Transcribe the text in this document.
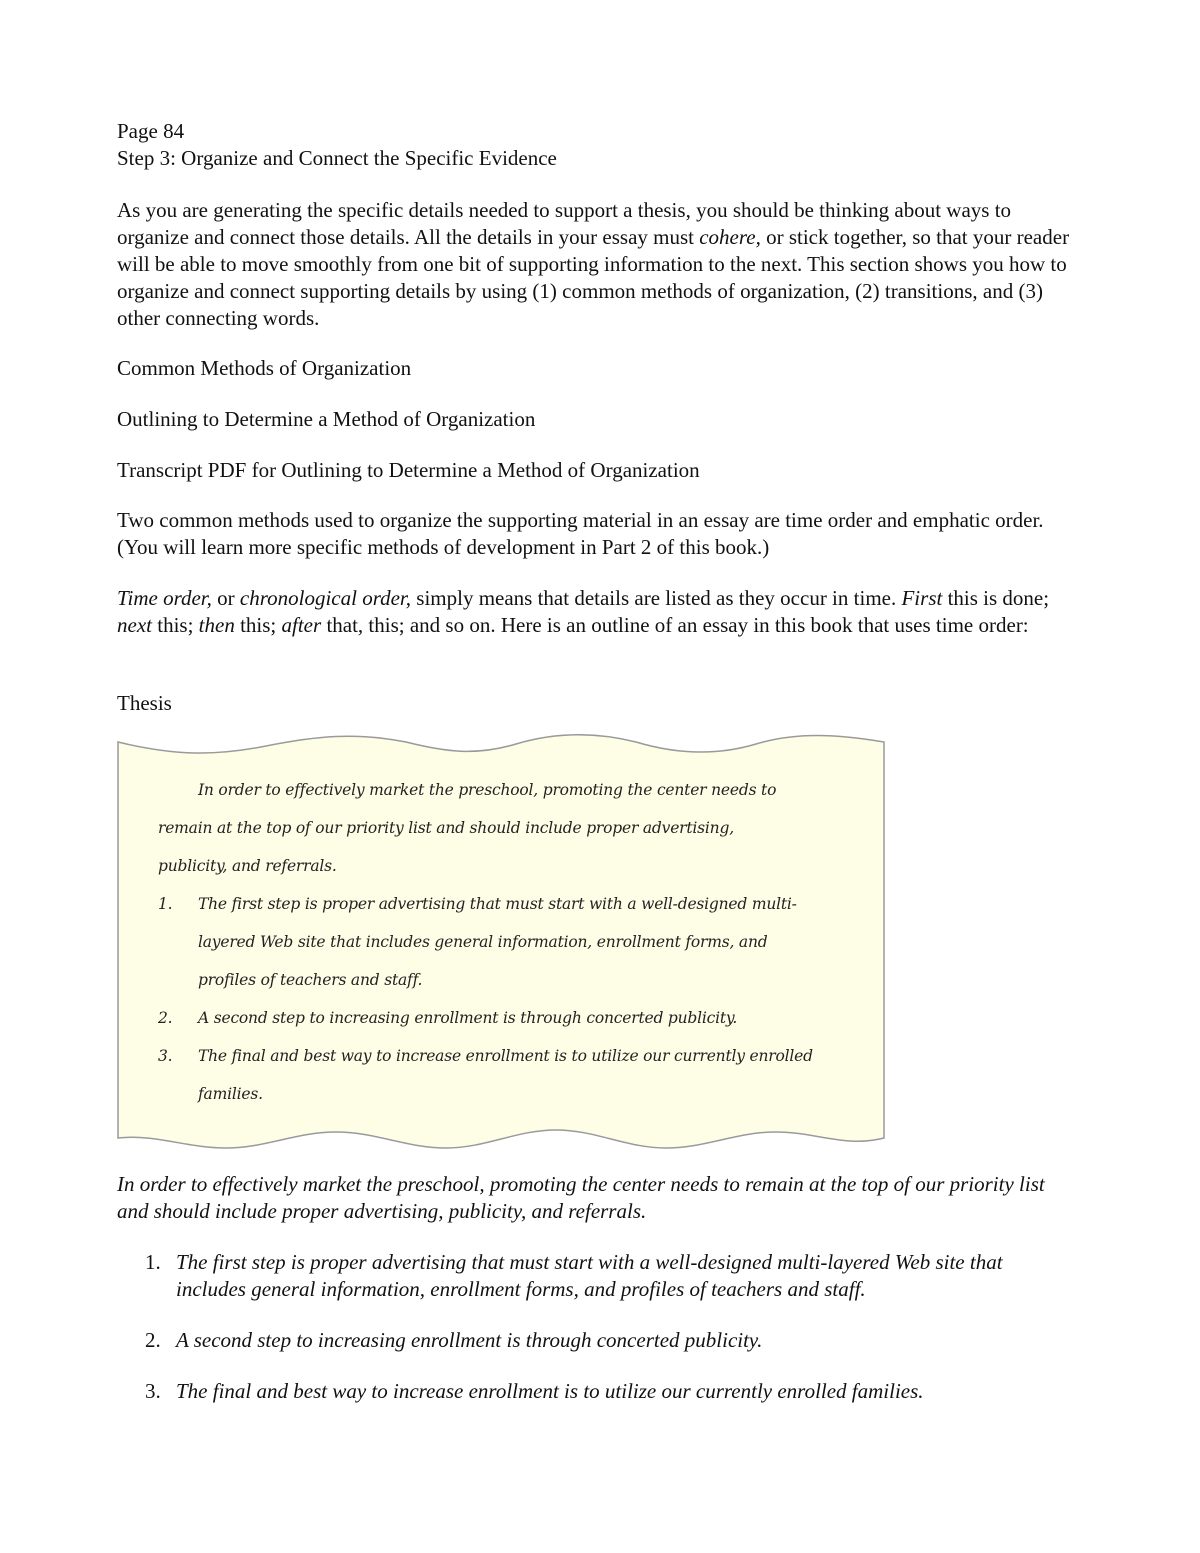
Page 84
Step 3: Organize and Connect the Specific Evidence

As you are generating the specific details needed to support a thesis, you should be thinking about ways to organize and connect those details. All the details in your essay must cohere, or stick together, so that your reader will be able to move smoothly from one bit of supporting information to the next. This section shows you how to organize and connect supporting details by using (1) common methods of organization, (2) transitions, and (3) other connecting words.

Common Methods of Organization
Outlining to Determine a Method of Organization
Transcript PDF for Outlining to Determine a Method of Organization

Two common methods used to organize the supporting material in an essay are time order and emphatic order. (You will learn more specific methods of development in Part 2 of this book.)

Time order, or chronological order, simply means that details are listed as they occur in time. First this is done; next this; then this; after that, this; and so on. Here is an outline of an essay in this book that uses time order:

Thesis
In order to effectively market the preschool, promoting the center needs to
remain at the top of our priority list and should include proper advertising,
publicity, and referrals.
1. The first step is proper advertising that must start with a well-designed multi-
layered Web site that includes general information, enrollment forms, and
profiles of teachers and staff.
2. A second step to increasing enrollment is through concerted publicity.
3. The final and best way to increase enrollment is to utilize our currently enrolled
families.

In order to effectively market the preschool, promoting the center needs to remain at the top of our priority list and should include proper advertising, publicity, and referrals.

1. The first step is proper advertising that must start with a well-designed multi-layered Web site that includes general information, enrollment forms, and profiles of teachers and staff.
2. A second step to increasing enrollment is through concerted publicity.
3. The final and best way to increase enrollment is to utilize our currently enrolled families.
